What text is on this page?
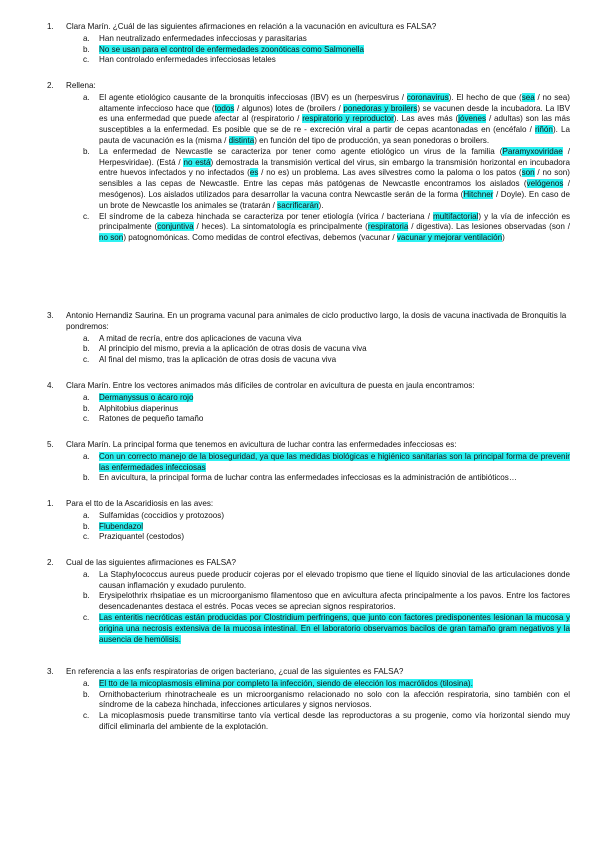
1. Clara Marín. ¿Cuál de las siguientes afirmaciones en relación a la vacunación en avicultura es FALSA?
a. Han neutralizado enfermedades infecciosas y parasitarias
b. No se usan para el control de enfermedades zoonóticas como Salmonella
c. Han controlado enfermedades infecciosas letales
2. Rellena:
a. El agente etiológico causante de la bronquitis infecciosas (IBV) es un (herpesvirus / coronavirus). El hecho de que (sea / no sea) altamente infeccioso hace que (todos / algunos) lotes de (broilers / ponedoras y broilers) se vacunen desde la incubadora. La IBV es una enfermedad que puede afectar al (respiratorio / respiratorio y reproductor). Las aves más (jóvenes / adultas) son las más susceptibles a la enfermedad. Es posible que se de re - excreción viral a partir de cepas acantonadas en (encéfalo / riñón). La pauta de vacunación es la (misma / distinta) en función del tipo de producción, ya sean ponedoras o broilers.
b. La enfermedad de Newcastle se caracteriza por tener como agente etiológico un virus de la familia (Paramyxoviridae / Herpesviridae). (Está / no está) demostrada la transmisión vertical del virus, sin embargo la transmisión horizontal en incubadora entre huevos infectados y no infectados (es / no es) un problema. Las aves silvestres como la paloma o los patos (son / no son) sensibles a las cepas de Newcastle. Entre las cepas más patógenas de Newcastle encontramos los aislados (velógenos / mesógenos). Los aislados utilizados para desarrollar la vacuna contra Newcastle serán de la forma (Hitchner / Doyle). En caso de un brote de Newcastle los animales se (tratarán / sacrificarán).
c. El síndrome de la cabeza hinchada se caracteriza por tener etiología (vírica / bacteriana / multifactorial) y la vía de infección es principalmente (conjuntiva / heces). La sintomatología es principalmente (respiratoria / digestiva). Las lesiones observadas (son / no son) patognomónicas. Como medidas de control efectivas, debemos (vacunar / vacunar y mejorar ventilación)
3. Antonio Hernandiz Saurina. En un programa vacunal para animales de ciclo productivo largo, la dosis de vacuna inactivada de Bronquitis la pondremos:
a. A mitad de recría, entre dos aplicaciones de vacuna viva
b. Al principio del mismo, previa a la aplicación de otras dosis de vacuna viva
c. Al final del mismo, tras la aplicación de otras dosis de vacuna viva
4. Clara Marín. Entre los vectores animados más difíciles de controlar en avicultura de puesta en jaula encontramos:
a. Dermanyssus o ácaro rojo
b. Alphitobius diaperinus
c. Ratones de pequeño tamaño
5. Clara Marín. La principal forma que tenemos en avicultura de luchar contra las enfermedades infecciosas es:
a. Con un correcto manejo de la bioseguridad, ya que las medidas biológicas e higiénico sanitarias son la principal forma de prevenir las enfermedades infecciosas
b. En avicultura, la principal forma de luchar contra las enfermedades infecciosas es la administración de antibióticos…
1. Para el tto de la Ascaridiosis en las aves:
a. Sulfamidas (coccidios y protozoos)
b. Flubendazol
c. Praziquantel (cestodos)
2. Cual de las siguientes afirmaciones es FALSA?
a. La Staphylococcus aureus puede producir cojeras por el elevado tropismo que tiene el líquido sinovial de las articulaciones donde causan inflamación y exudado purulento.
b. Erysipelothrix rhsipatiae es un microorganismo filamentoso que en avicultura afecta principalmente a los pavos. Entre los factores desencadenantes destaca el estrés. Pocas veces se aprecian signos respiratorios.
c. Las enteritis necróticas están producidas por Clostridium perfringens, que junto con factores predisponentes lesionan la mucosa y origina una necrosis extensiva de la mucosa intestinal. En el laboratorio observamos bacilos de gran tamaño gram negativos y la ausencia de hemólisis.
3. En referencia a las enfs respiratorias de origen bacteriano, ¿cual de las siguientes es FALSA?
a. El tto de la micoplasmosis elimina por completo la infección, siendo de elección los macrólidos (tilosina).
b. Ornithobacterium rhinotracheale es un microorganismo relacionado no solo con la afección respiratoria, sino también con el síndrome de la cabeza hinchada, infecciones articulares y signos nerviosos.
c. La micoplasmosis puede transmitirse tanto vía vertical desde las reproductoras a su progenie, como vía horizontal siendo muy difícil eliminarla del ambiente de la explotación.
